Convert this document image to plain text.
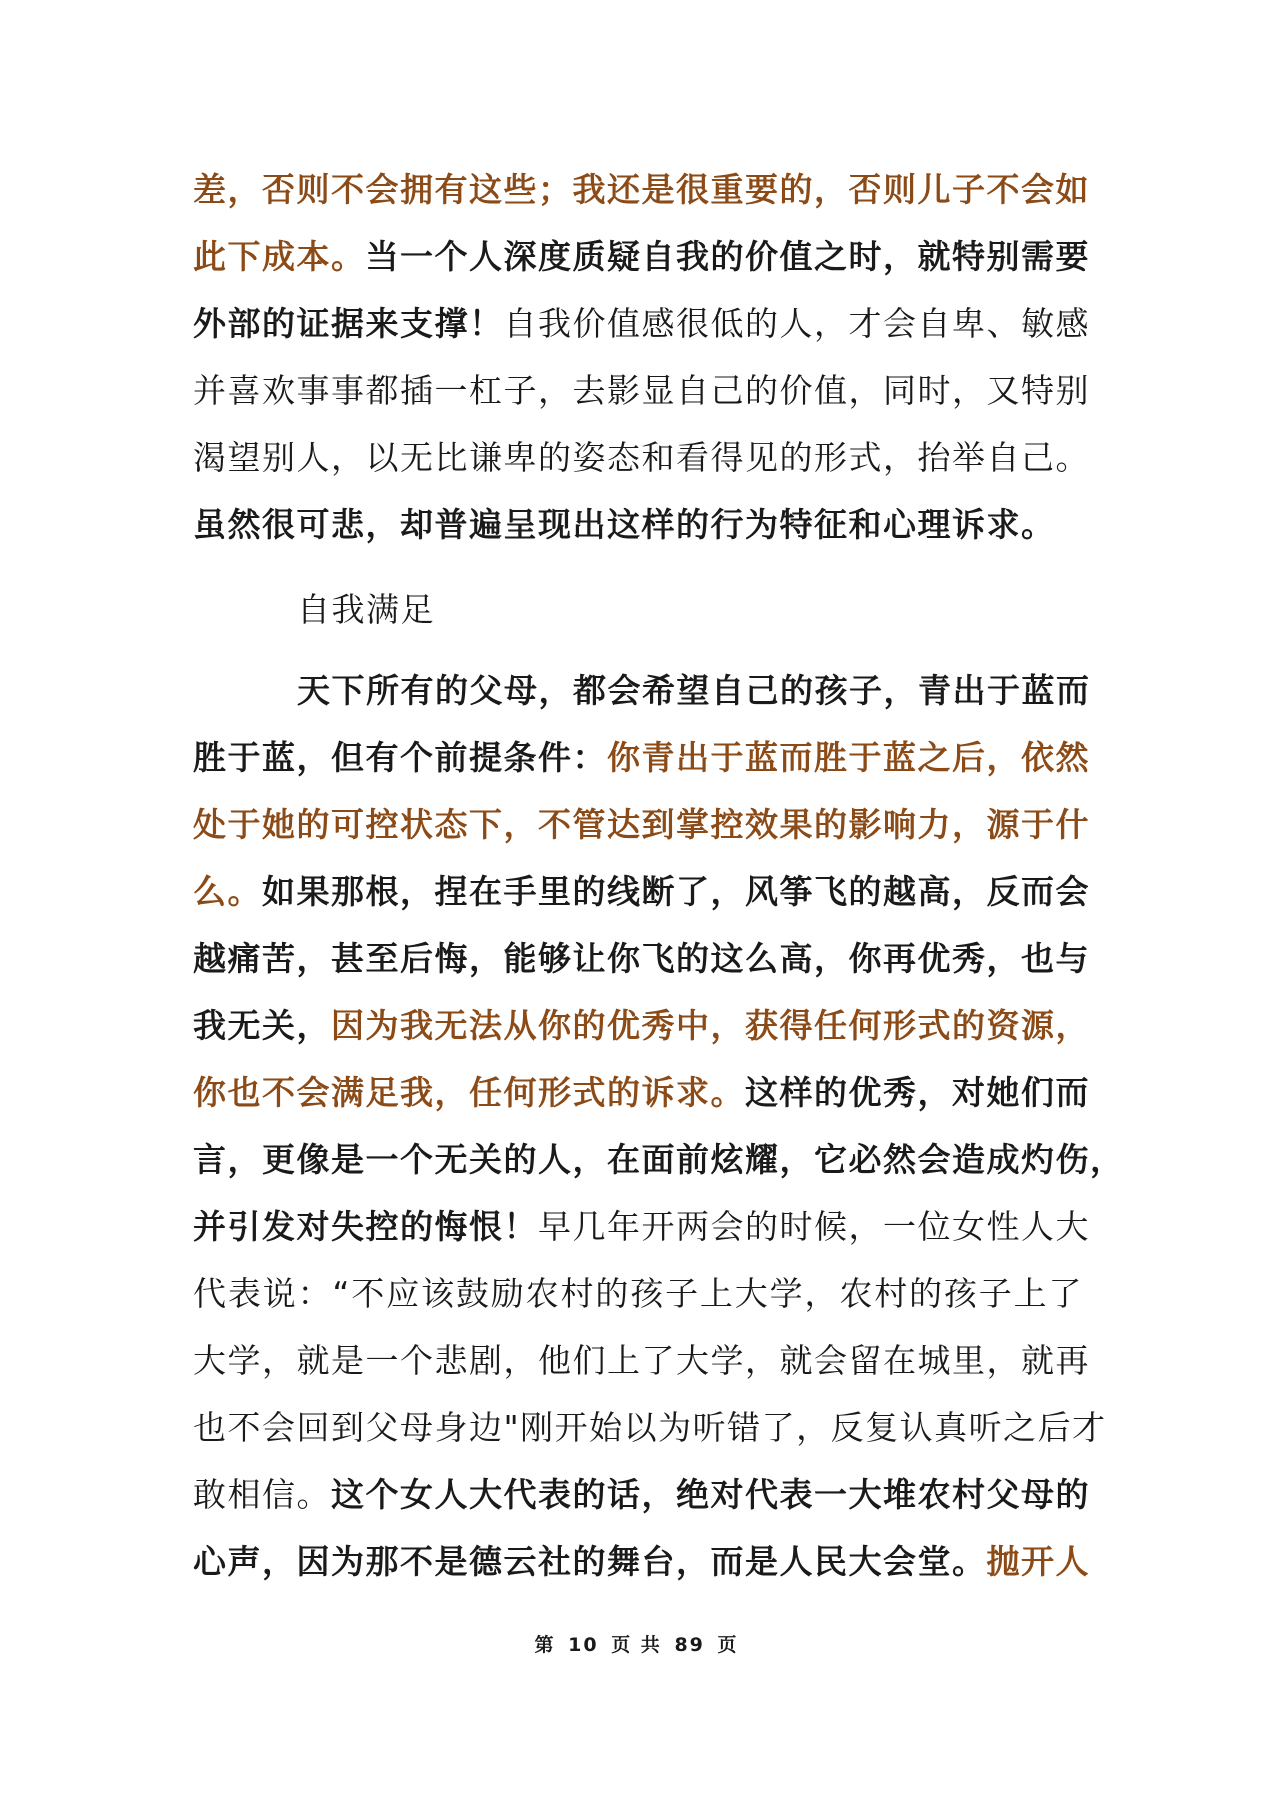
差，否则不会拥有这些；我还是很重要的，否则儿子不会如
此下成本。当一个人深度质疑自我的价值之时，就特别需要
外部的证据来支撑！自我价值感很低的人，才会自卑、敏感
并喜欢事事都插一杠子，去影显自己的价值，同时，又特别
渴望别人，以无比谦卑的姿态和看得见的形式，抬举自己。
虽然很可悲，却普遍呈现出这样的行为特征和心理诉求。
自我满足
天下所有的父母，都会希望自己的孩子，青出于蓝而
胜于蓝，但有个前提条件：你青出于蓝而胜于蓝之后，依然
处于她的可控状态下，不管达到掌控效果的影响力，源于什
么。如果那根，捏在手里的线断了，风筝飞的越高，反而会
越痛苦，甚至后悔，能够让你飞的这么高，你再优秀，也与
我无关，因为我无法从你的优秀中，获得任何形式的资源，
你也不会满足我，任何形式的诉求。这样的优秀，对她们而
言，更像是一个无关的人，在面前炫耀，它必然会造成灼伤，
并引发对失控的悔恨！早几年开两会的时候，一位女性人大
代表说：“不应该鼓励农村的孩子上大学，农村的孩子上了
大学，就是一个悲剧，他们上了大学，就会留在城里，就再
也不会回到父母身边"刚开始以为听错了，反复认真听之后才
敢相信。这个女人大代表的话，绝对代表一大堆农村父母的
心声，因为那不是德云社的舞台，而是人民大会堂。抛开人
第 10 页 共 89 页
